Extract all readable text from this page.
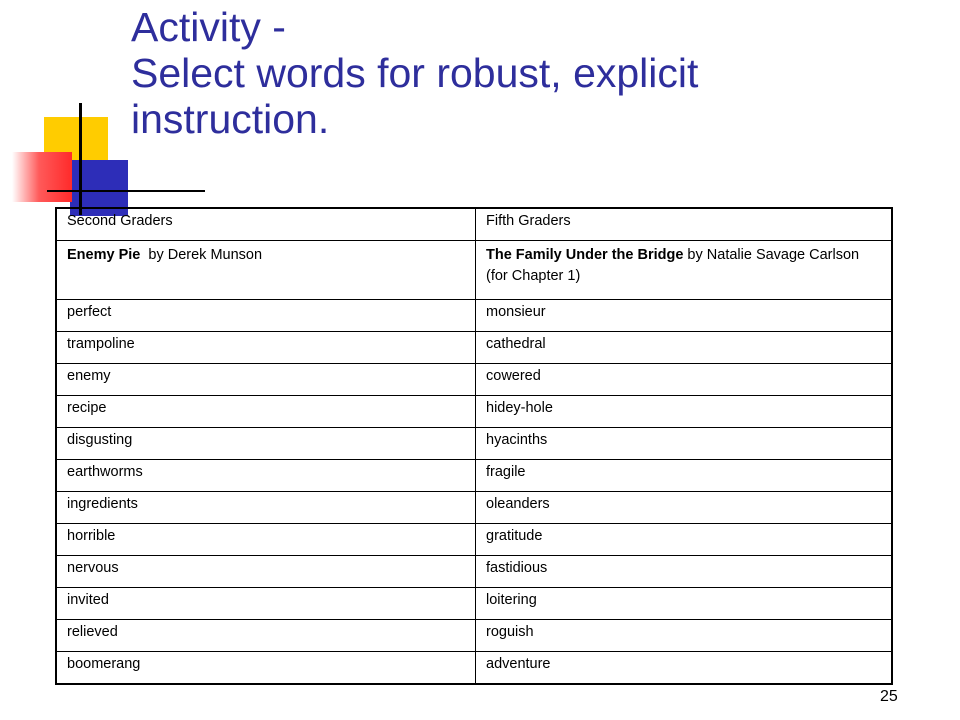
Activity -
Select words for robust, explicit
instruction.
Second Graders	Fifth Graders
Enemy Pie  by Derek Munson	The Family Under the Bridge by Natalie Savage Carlson (for Chapter 1)
perfect	monsieur
trampoline	cathedral
enemy	cowered
recipe	hidey-hole
disgusting	hyacinths
earthworms	fragile
ingredients	oleanders
horrible	gratitude
nervous	fastidious
invited	loitering
relieved	roguish
boomerang	adventure
25
